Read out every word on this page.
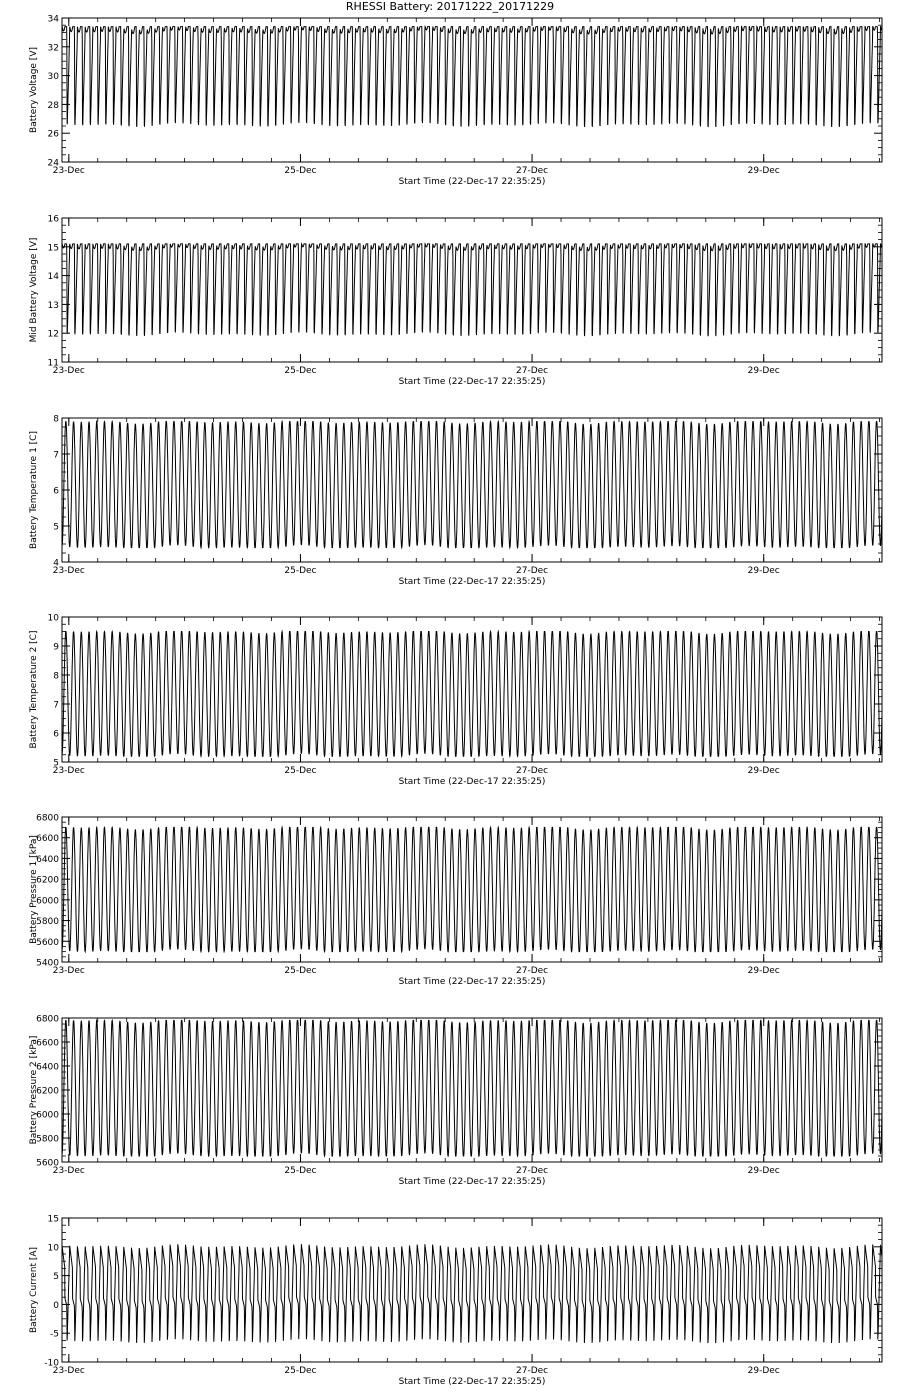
RHESSI Battery: 20171222_20171229
24
26
28
30
32
34
23-Dec	25-Dec	27-Dec	29-Dec
Start Time (22-Dec-17 22:35:25)
Battery Voltage [V]
11
12
13
14
15
16
23-Dec	25-Dec	27-Dec	29-Dec
Start Time (22-Dec-17 22:35:25)
Mid Battery Voltage [V]
4
5
6
7
8
23-Dec	25-Dec	27-Dec	29-Dec
Start Time (22-Dec-17 22:35:25)
Battery Temperature 1 [C]
5
6
7
8
9
10
23-Dec	25-Dec	27-Dec	29-Dec
Start Time (22-Dec-17 22:35:25)
Battery Temperature 2 [C]
5400
5600
5800
6000
6200
6400
6600
6800
23-Dec	25-Dec	27-Dec	29-Dec
Start Time (22-Dec-17 22:35:25)
Battery Pressure 1 [kPa]
5600
5800
6000
6200
6400
6600
6800
23-Dec	25-Dec	27-Dec	29-Dec
Start Time (22-Dec-17 22:35:25)
Battery Pressure 2 [kPa]
-10
-5
0
5
10
15
23-Dec	25-Dec	27-Dec	29-Dec
Start Time (22-Dec-17 22:35:25)
Battery Current [A]
